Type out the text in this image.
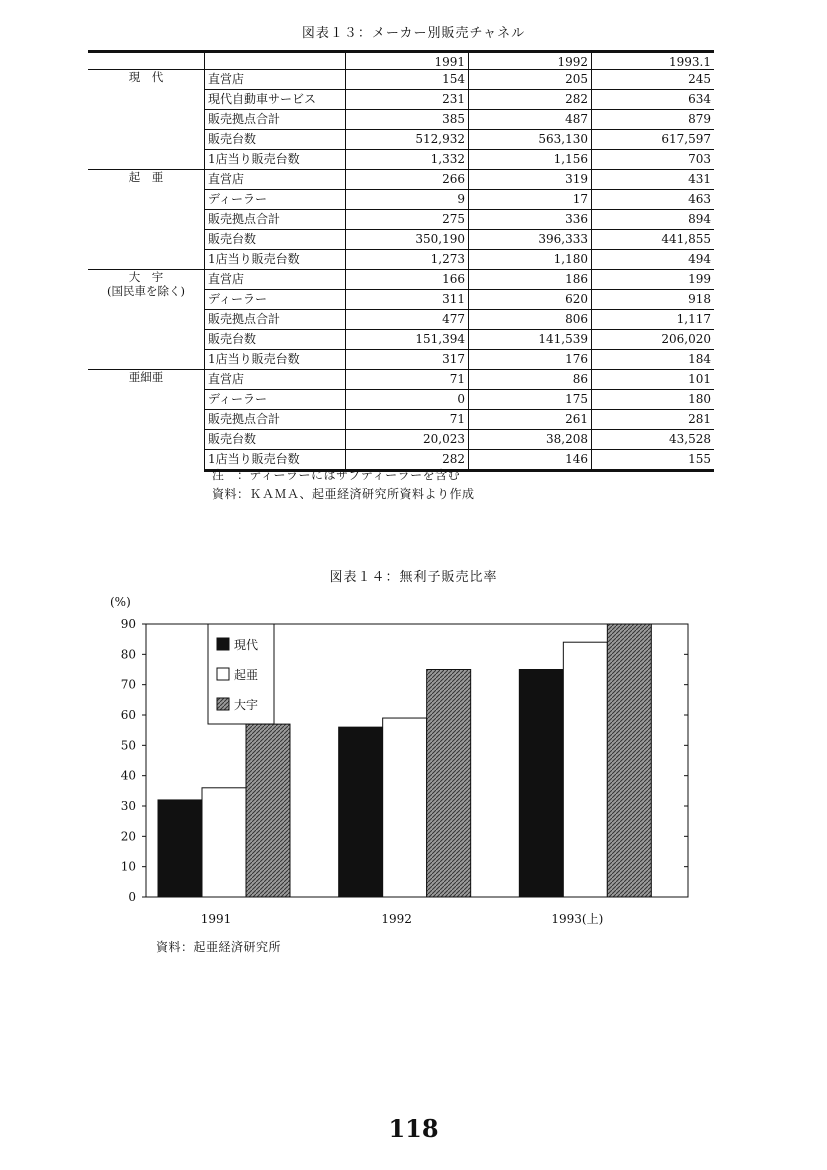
図表１３：メーカー別販売チャネル
		1991	1992	1993.1

現　代	直営店	154	205	245
	現代自動車サービス	231	282	634
	販売拠点合計	385	487	879
	販売台数	512,932	563,130	617,597
	1店当り販売台数	1,332	1,156	703

起　亜	直営店	266	319	431
	ディーラー	9	17	463
	販売拠点合計	275	336	894
	販売台数	350,190	396,333	441,855
	1店当り販売台数	1,273	1,180	494

大　宇
(国民車を除く)	直営店	166	186	199
	ディーラー	311	620	918
	販売拠点合計	477	806	1,117
	販売台数	151,394	141,539	206,020
	1店当り販売台数	317	176	184

亜細亜	直営店	71	86	101
	ディーラー	0	175	180
	販売拠点合計	71	261	281
	販売台数	20,023	38,208	43,528
	1店当り販売台数	282	146	155
注　：ディーラーにはサブディーラーを含む
資料：ＫＡＭＡ、起亜経済研究所資料より作成
図表１４：無利子販売比率
0
10
20
30
40
50
60
70
80
90
(%)
1991	1992	1993(上)
現代
起亜
大宇
資料：起亜経済研究所
118
